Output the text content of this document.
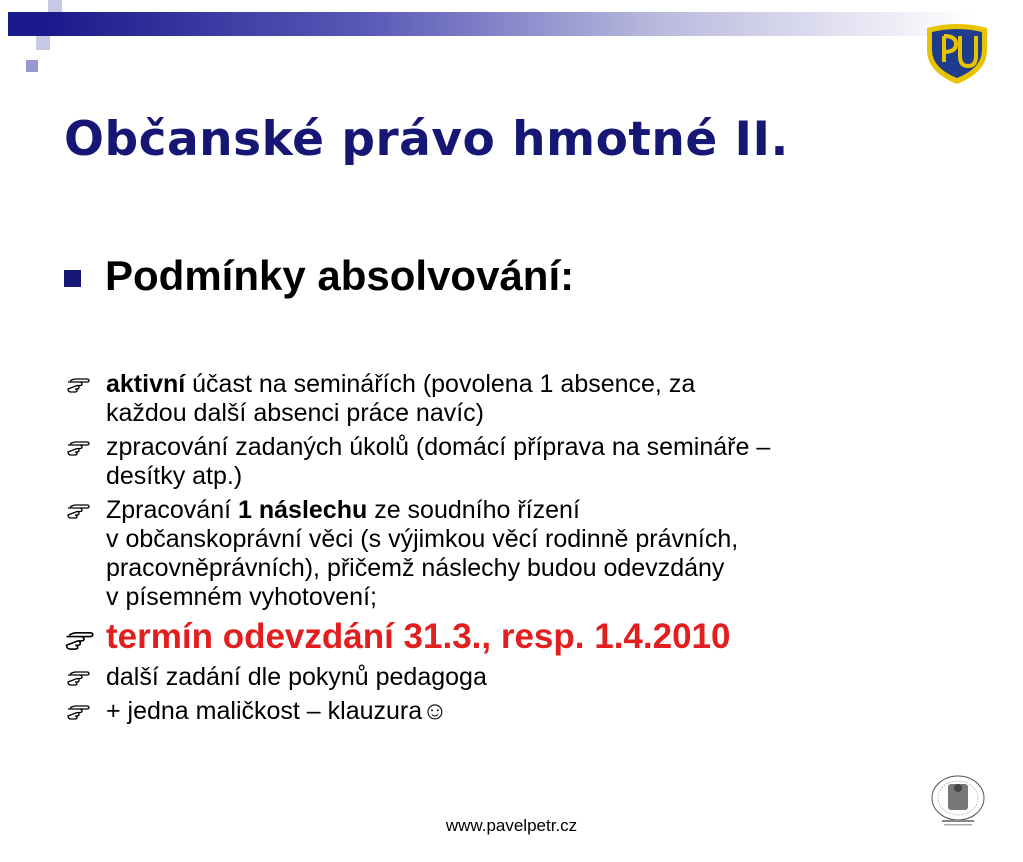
Občanské právo hmotné II.
Podmínky absolvování:
aktivní účast na seminářích (povolena 1 absence, za
každou další absenci práce navíc)
zpracování zadaných úkolů (domácí příprava na semináře –
desítky atp.)
Zpracování 1 náslechu ze soudního řízení
v občanskoprávní věci (s výjimkou věcí rodinně právních,
pracovněprávních), přičemž náslechy budou odevzdány
v písemném vyhotovení;
termín odevzdání 31.3., resp. 1.4.2010
další zadání dle pokynů pedagoga
+ jedna maličkost – klauzura☺
www.pavelpetr.cz
